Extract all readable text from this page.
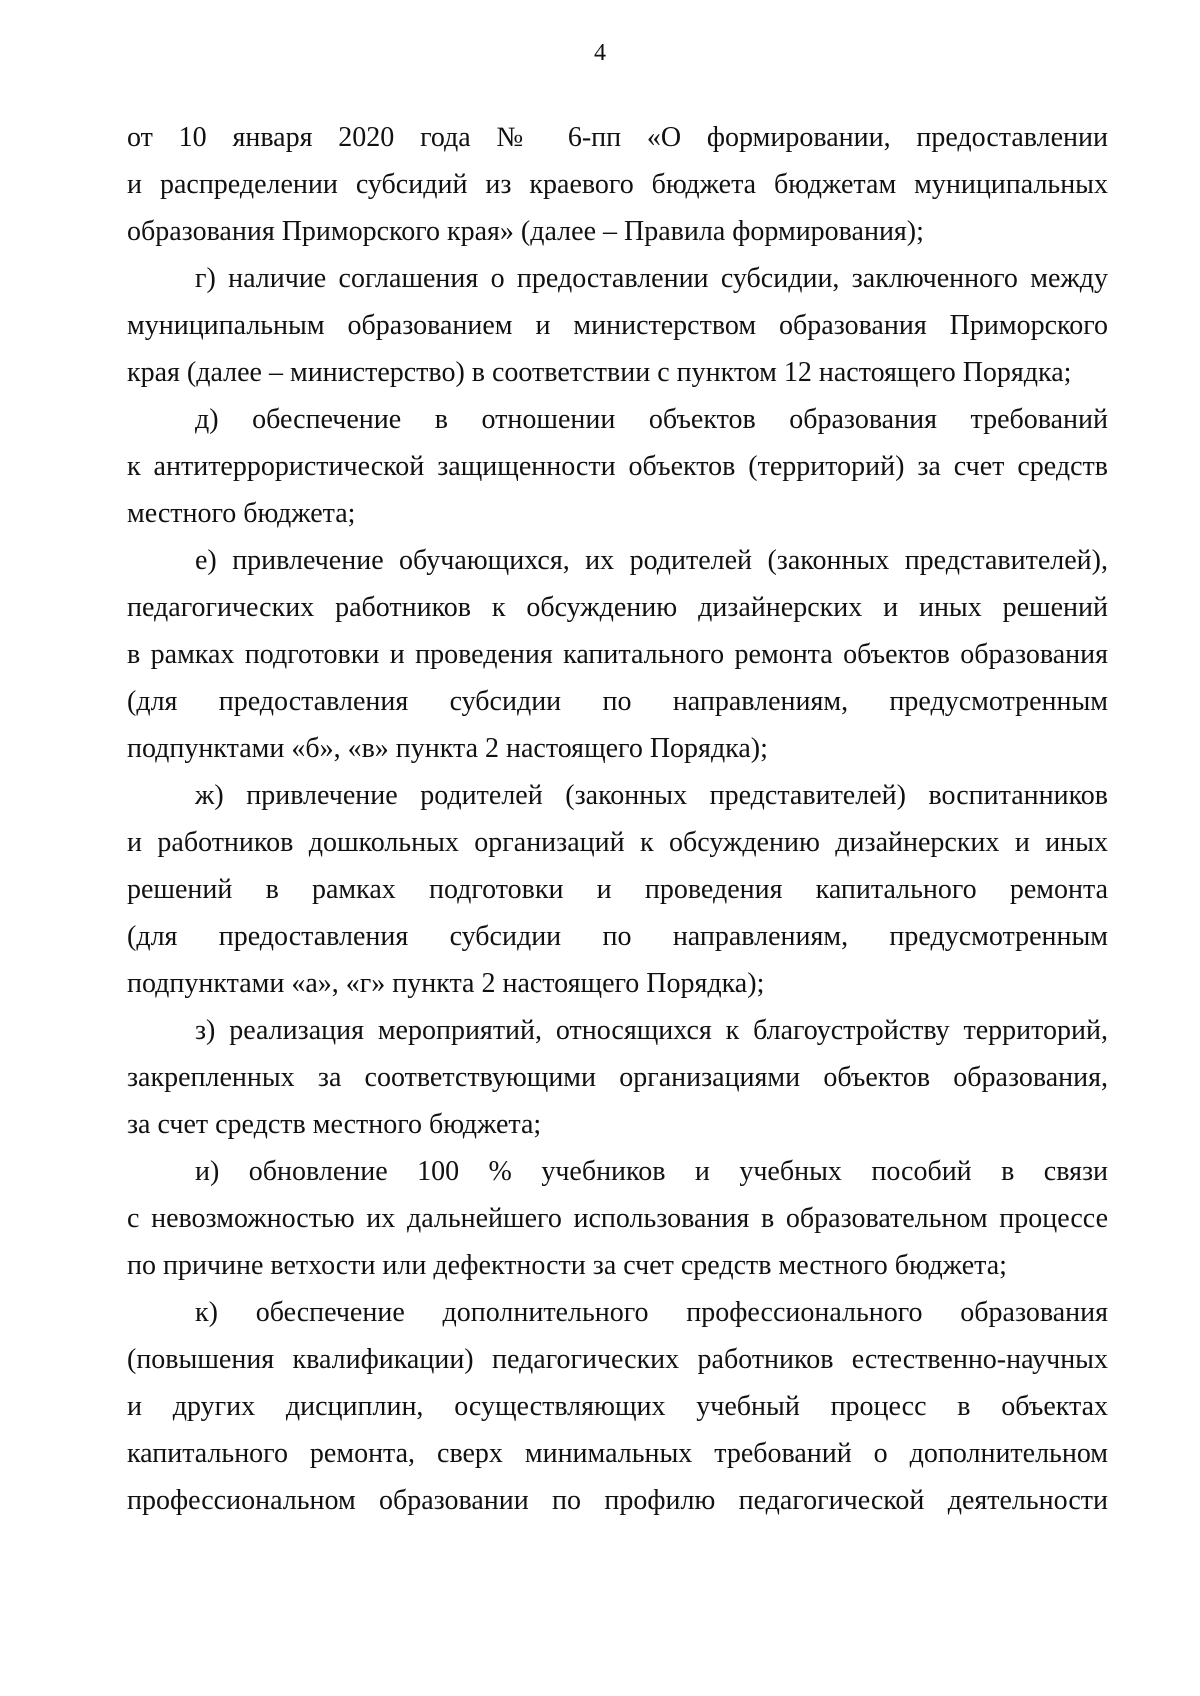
4
от 10 января 2020 года № 6-пп «О формировании, предоставлении
и распределении субсидий из краевого бюджета бюджетам муниципальных
образования Приморского края» (далее – Правила формирования);
г) наличие соглашения о предоставлении субсидии, заключенного между
муниципальным образованием и министерством образования Приморского
края (далее – министерство) в соответствии с пунктом 12 настоящего Порядка;
д) обеспечение в отношении объектов образования требований
к антитеррористической защищенности объектов (территорий) за счет средств
местного бюджета;
е) привлечение обучающихся, их родителей (законных представителей),
педагогических работников к обсуждению дизайнерских и иных решений
в рамках подготовки и проведения капитального ремонта объектов образования
(для предоставления субсидии по направлениям, предусмотренным
подпунктами «б», «в» пункта 2 настоящего Порядка);
ж) привлечение родителей (законных представителей) воспитанников
и работников дошкольных организаций к обсуждению дизайнерских и иных
решений в рамках подготовки и проведения капитального ремонта
(для предоставления субсидии по направлениям, предусмотренным
подпунктами «а», «г» пункта 2 настоящего Порядка);
з) реализация мероприятий, относящихся к благоустройству территорий,
закрепленных за соответствующими организациями объектов образования,
за счет средств местного бюджета;
и) обновление 100 % учебников и учебных пособий в связи
с невозможностью их дальнейшего использования в образовательном процессе
по причине ветхости или дефектности за счет средств местного бюджета;
к) обеспечение дополнительного профессионального образования
(повышения квалификации) педагогических работников естественно-научных
и других дисциплин, осуществляющих учебный процесс в объектах
капитального ремонта, сверх минимальных требований о дополнительном
профессиональном образовании по профилю педагогической деятельности
